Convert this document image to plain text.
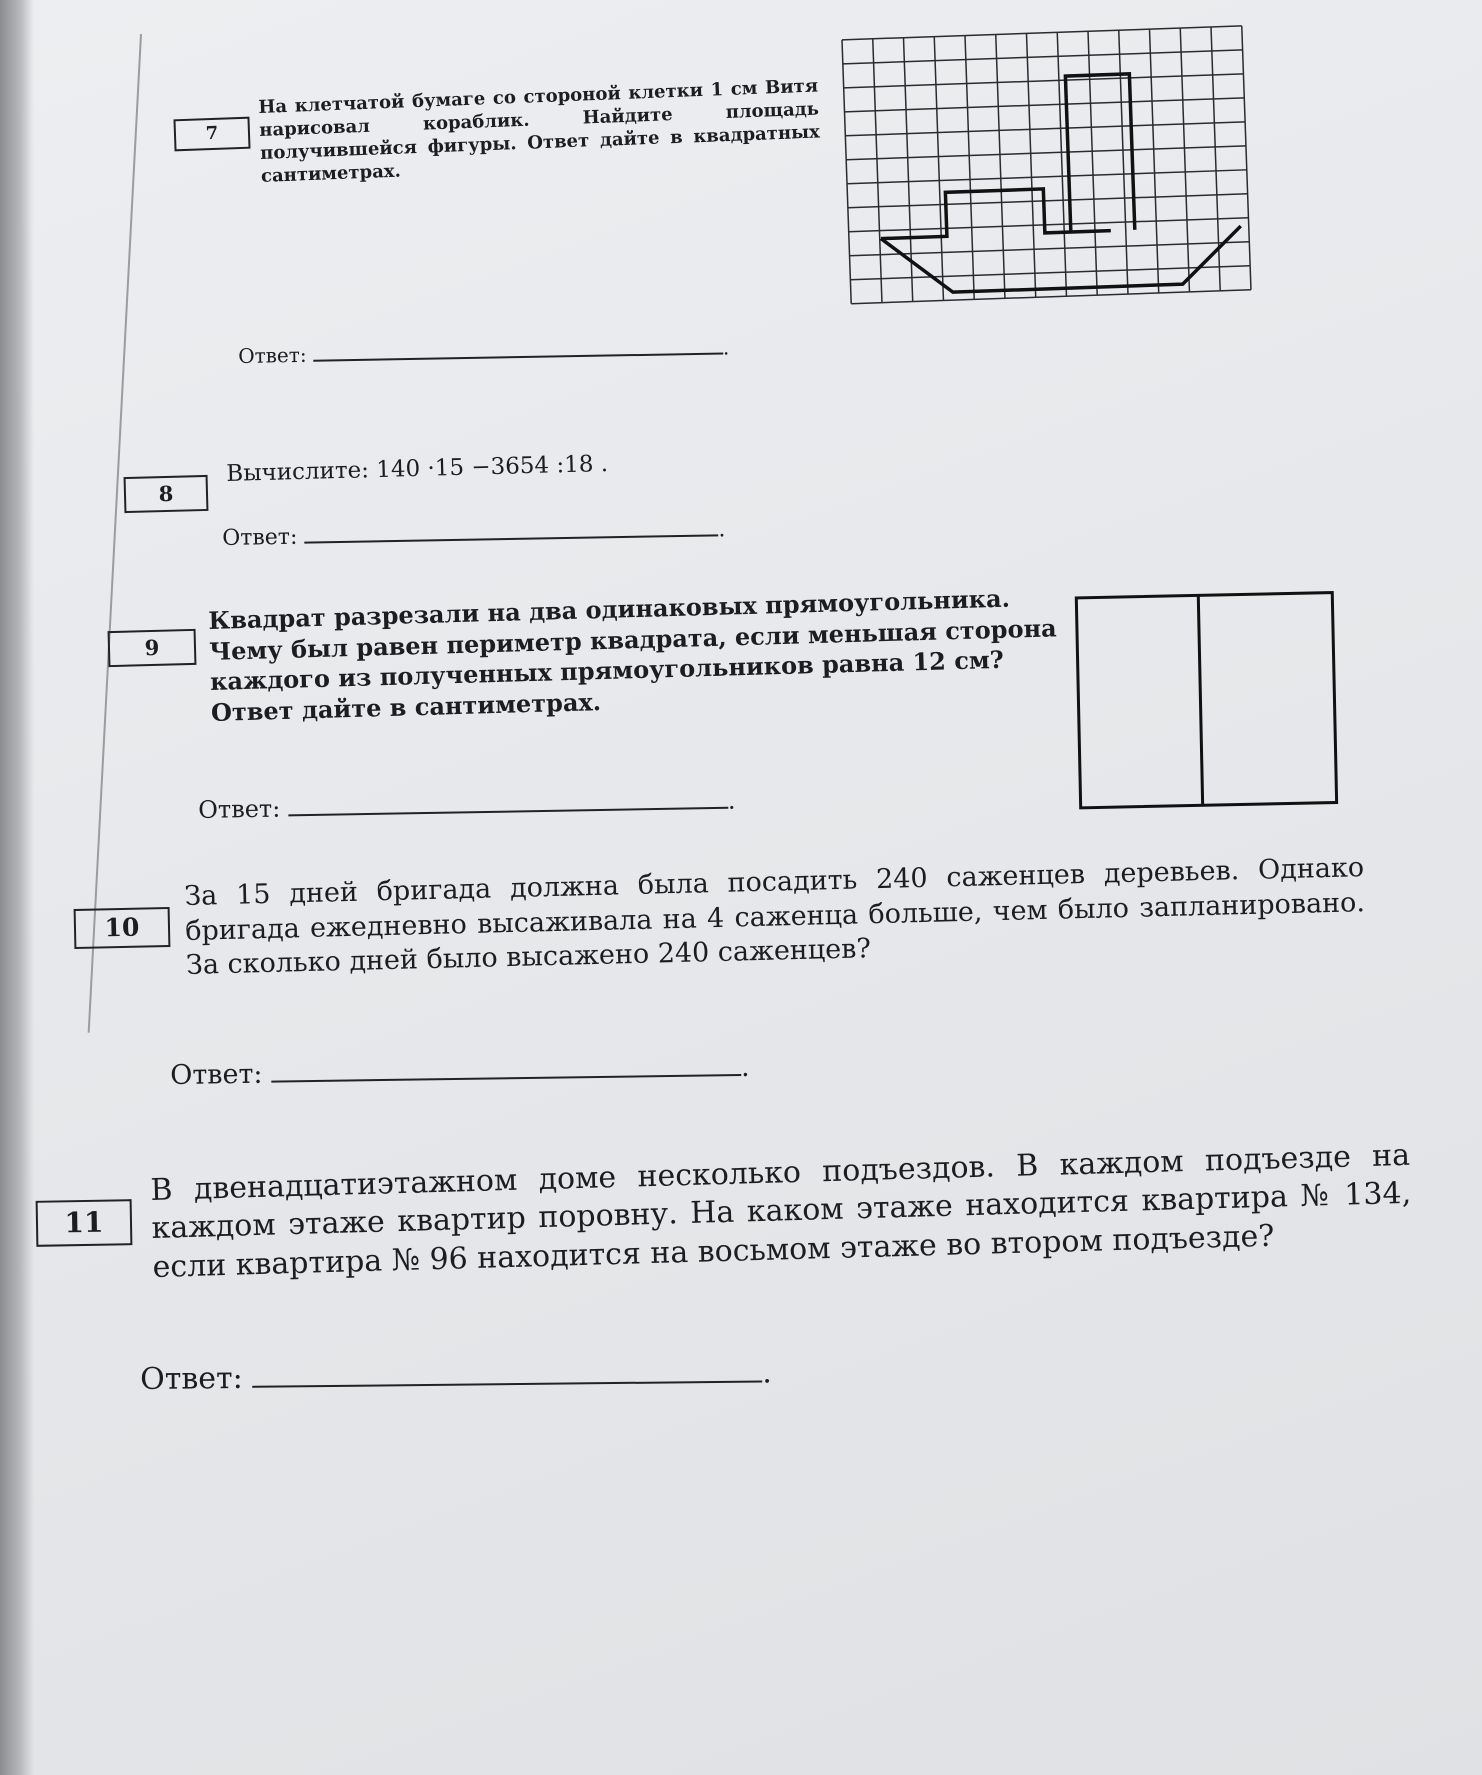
7
На клетчатой бумаге со стороной клетки 1 см Витя нарисовал кораблик. Найдите площадь получившейся фигуры. Ответ дайте в квадратных сантиметрах.
Ответ:	.
8
Вычислите: 140 ·15 −3654 :18 .
Ответ:	.
9
Квадрат разрезали на два одинаковых прямоугольника. Чему был равен периметр квадрата, если меньшая сторона каждого из полученных прямоугольников равна 12 см? Ответ дайте в сантиметрах.
Ответ:	.
10
За 15 дней бригада должна была посадить 240 саженцев деревьев. Однако бригада ежедневно высаживала на 4 саженца больше, чем было запланировано. За сколько дней было высажено 240 саженцев?
Ответ:	.
11
В двенадцатиэтажном доме несколько подъездов. В каждом подъезде на каждом этаже квартир поровну. На каком этаже находится квартира № 134, если квартира № 96 находится на восьмом этаже во втором подъезде?
Ответ:	.
